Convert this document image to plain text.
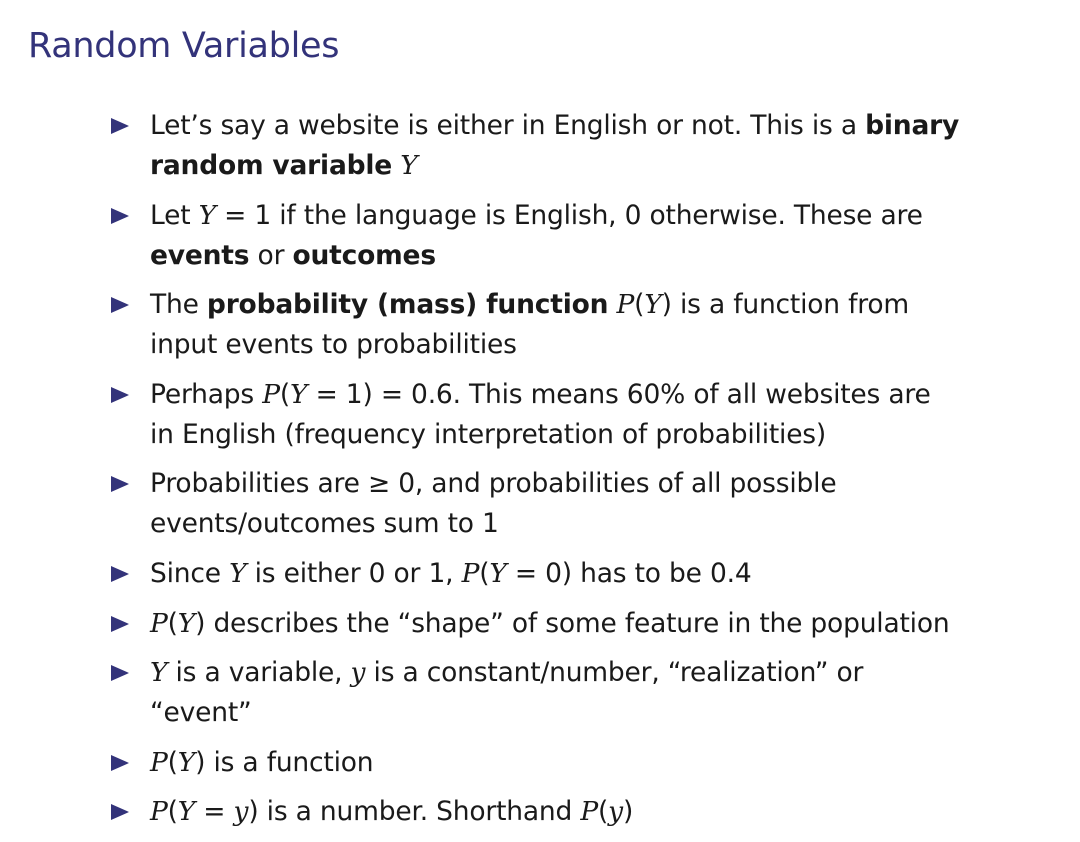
Random Variables
Let’s say a website is either in English or not. This is a binary
random variable Y
Let Y = 1 if the language is English, 0 otherwise. These are
events or outcomes
The probability (mass) function P(Y) is a function from
input events to probabilities
Perhaps P(Y = 1) = 0.6. This means 60% of all websites are
in English (frequency interpretation of probabilities)
Probabilities are ≥ 0, and probabilities of all possible
events/outcomes sum to 1
Since Y is either 0 or 1, P(Y = 0) has to be 0.4
P(Y) describes the “shape” of some feature in the population
Y is a variable, y is a constant/number, “realization” or
“event”
P(Y) is a function
P(Y = y) is a number. Shorthand P(y)
